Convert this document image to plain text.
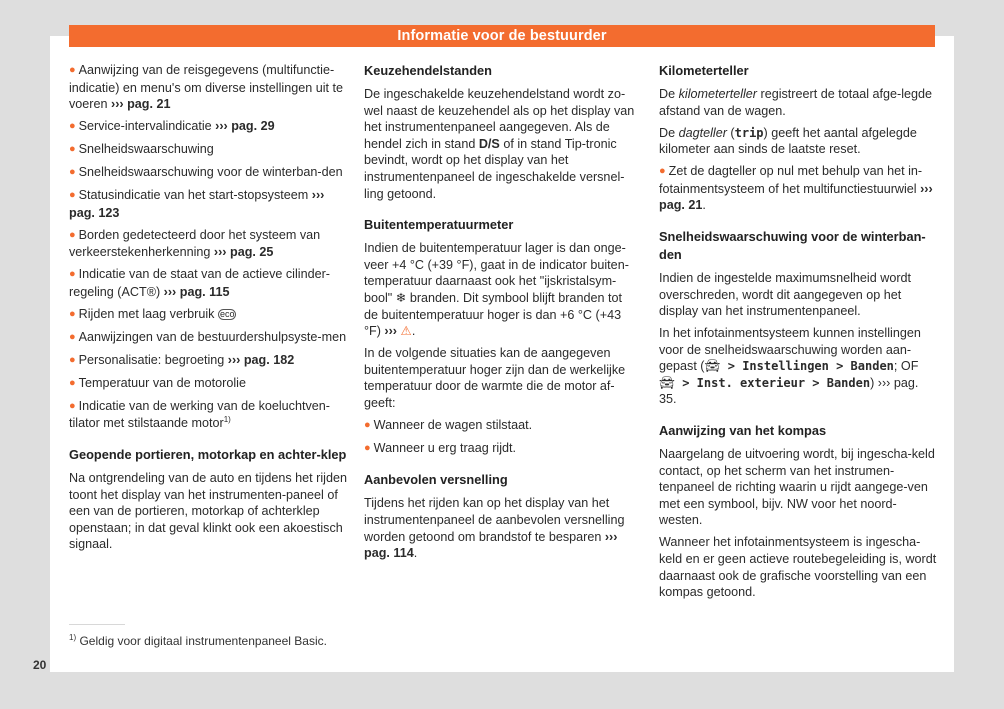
Informatie voor de bestuurder
● Aanwijzing van de reisgegevens (multifunctie-indicatie) en menu's om diverse instellingen uit te voeren ››› pag. 21
● Service-intervalindicatie ››› pag. 29
● Snelheidswaarschuwing
● Snelheidswaarschuwing voor de winterban-den
● Statusindicatie van het start-stopsysteem ››› pag. 123
● Borden gedetecteerd door het systeem van verkeerstekenherkenning ››› pag. 25
● Indicatie van de staat van de actieve cilinder-regeling (ACT®) ››› pag. 115
● Rijden met laag verbruik eco
● Aanwijzingen van de bestuurdershulpsyste-men
● Personalisatie: begroeting ››› pag. 182
● Temperatuur van de motorolie
● Indicatie van de werking van de koeluchtven-tilator met stilstaande motor$^{1)}$
Geopende portieren, motorkap en achter-klep

Na ontgrendeling van de auto en tijdens het rijden toont het display van het instrumenten-paneel of een van de portieren, motorkap of achterklep openstaan; in dat geval klinkt ook een akoestisch signaal.

Keuzehendelstanden

De ingeschakelde keuzehendelstand wordt zo-wel naast de keuzehendel als op het display van het instrumentenpaneel aangegeven. Als de hendel zich in stand D/S of in stand Tip-tronic bevindt, wordt op het display van het instrumentenpaneel de ingeschakelde versnel-ling getoond.

Buitentemperatuurmeter

Indien de buitentemperatuur lager is dan onge-veer +4 °C (+39 °F), gaat in de indicator buiten-temperatuur daarnaast ook het "ijskristalsym-bool" ❄ branden. Dit symbool blijft branden tot de buitentemperatuur hoger is dan +6 °C (+43 °F) ››› ⚠.

In de volgende situaties kan de aangegeven buitentemperatuur hoger zijn dan de werkelijke temperatuur door de warmte die de motor af-geeft:

● Wanneer de wagen stilstaat.
● Wanneer u erg traag rijdt.
Aanbevolen versnelling

Tijdens het rijden kan op het display van het instrumentenpaneel de aanbevolen versnelling worden getoond om brandstof te besparen ››› pag. 114.

Kilometerteller

De kilometerteller registreert de totaal afge-legde afstand van de wagen.

De dagteller (trip) geeft het aantal afgelegde kilometer aan sinds de laatste reset.

● Zet de dagteller op nul met behulp van het in-fotainmentsysteem of het multifunctiestuurwiel ››› pag. 21.
Snelheidswaarschuwing voor de winterban-den

Indien de ingestelde maximumsnelheid wordt overschreden, wordt dit aangegeven op het display van het instrumentenpaneel.

In het infotainmentsysteem kunnen instellingen voor de snelheidswaarschuwing worden aan-gepast (🚘︎ > Instellingen > Banden; OF 🚘︎ > Inst. exterieur > Banden) ››› pag. 35.

Aanwijzing van het kompas

Naargelang de uitvoering wordt, bij ingescha-keld contact, op het scherm van het instrumen-tenpaneel de richting waarin u rijdt aangege-ven met een symbool, bijv. NW voor het noord-westen.

Wanneer het infotainmentsysteem is ingescha-keld en er geen actieve routebegeleiding is, wordt daarnaast ook de grafische voorstelling van een kompas getoond.

$^{1)}$ Geldig voor digitaal instrumentenpaneel Basic.
20
